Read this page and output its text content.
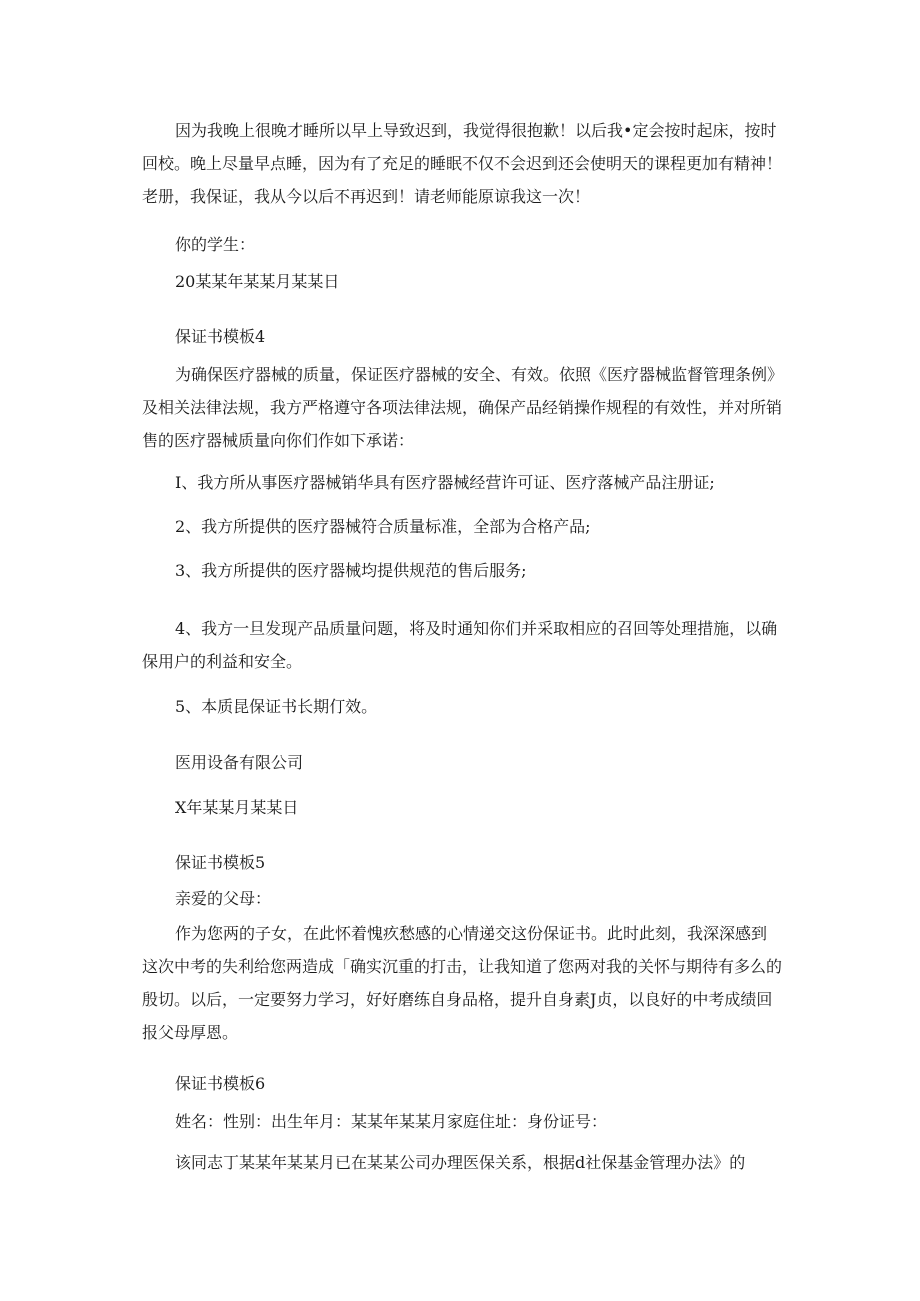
因为我晚上很晚才睡所以早上导致迟到，我觉得很抱歉！以后我•定会按时起床，按时回校。晚上尽量早点睡，因为有了充足的睡眠不仅不会迟到还会使明天的课程更加有精神！老册，我保证，我从今以后不再迟到！请老师能原谅我这一次！
你的学生：
20某某年某某月某某日
保证书模板4
为确保医疗器械的质量，保证医疗器械的安全、有效。依照《医疗器械监督管理条例》及相关法律法规，我方严格遵守各项法律法规，确保产品经销操作规程的有效性，并对所销售的医疗器械质量向你们作如下承诺：
I、我方所从事医疗器械销华具有医疗器械经营许可证、医疗落械产品注册证;
2、我方所提供的医疗器械符合质量标准，全部为合格产品;
3、我方所提供的医疗器械均提供规范的售后服务;
4、我方一旦发现产品质量问题，将及时通知你们并采取相应的召回等处理措施，以确保用户的利益和安全。
5、本质昆保证书长期仃效。
医用设备有限公司
X年某某月某某日
保证书模板5
亲爱的父母：
作为您两的子女，在此怀着愧疚愁感的心情递交这份保证书。此时此刻，我深深感到这次中考的失利给您两造成「确实沉重的打击，让我知道了您两对我的关怀与期待有多么的殷切。以后，一定要努力学习，好好磨练自身品格，提升自身素J贞，以良好的中考成绩回报父母厚恩。
保证书模板6
姓名：性别：出生年月：某某年某某月家庭住址：身份证号：
该同志丁某某年某某月已在某某公司办理医保关系，根据d社保基金管理办法》的
